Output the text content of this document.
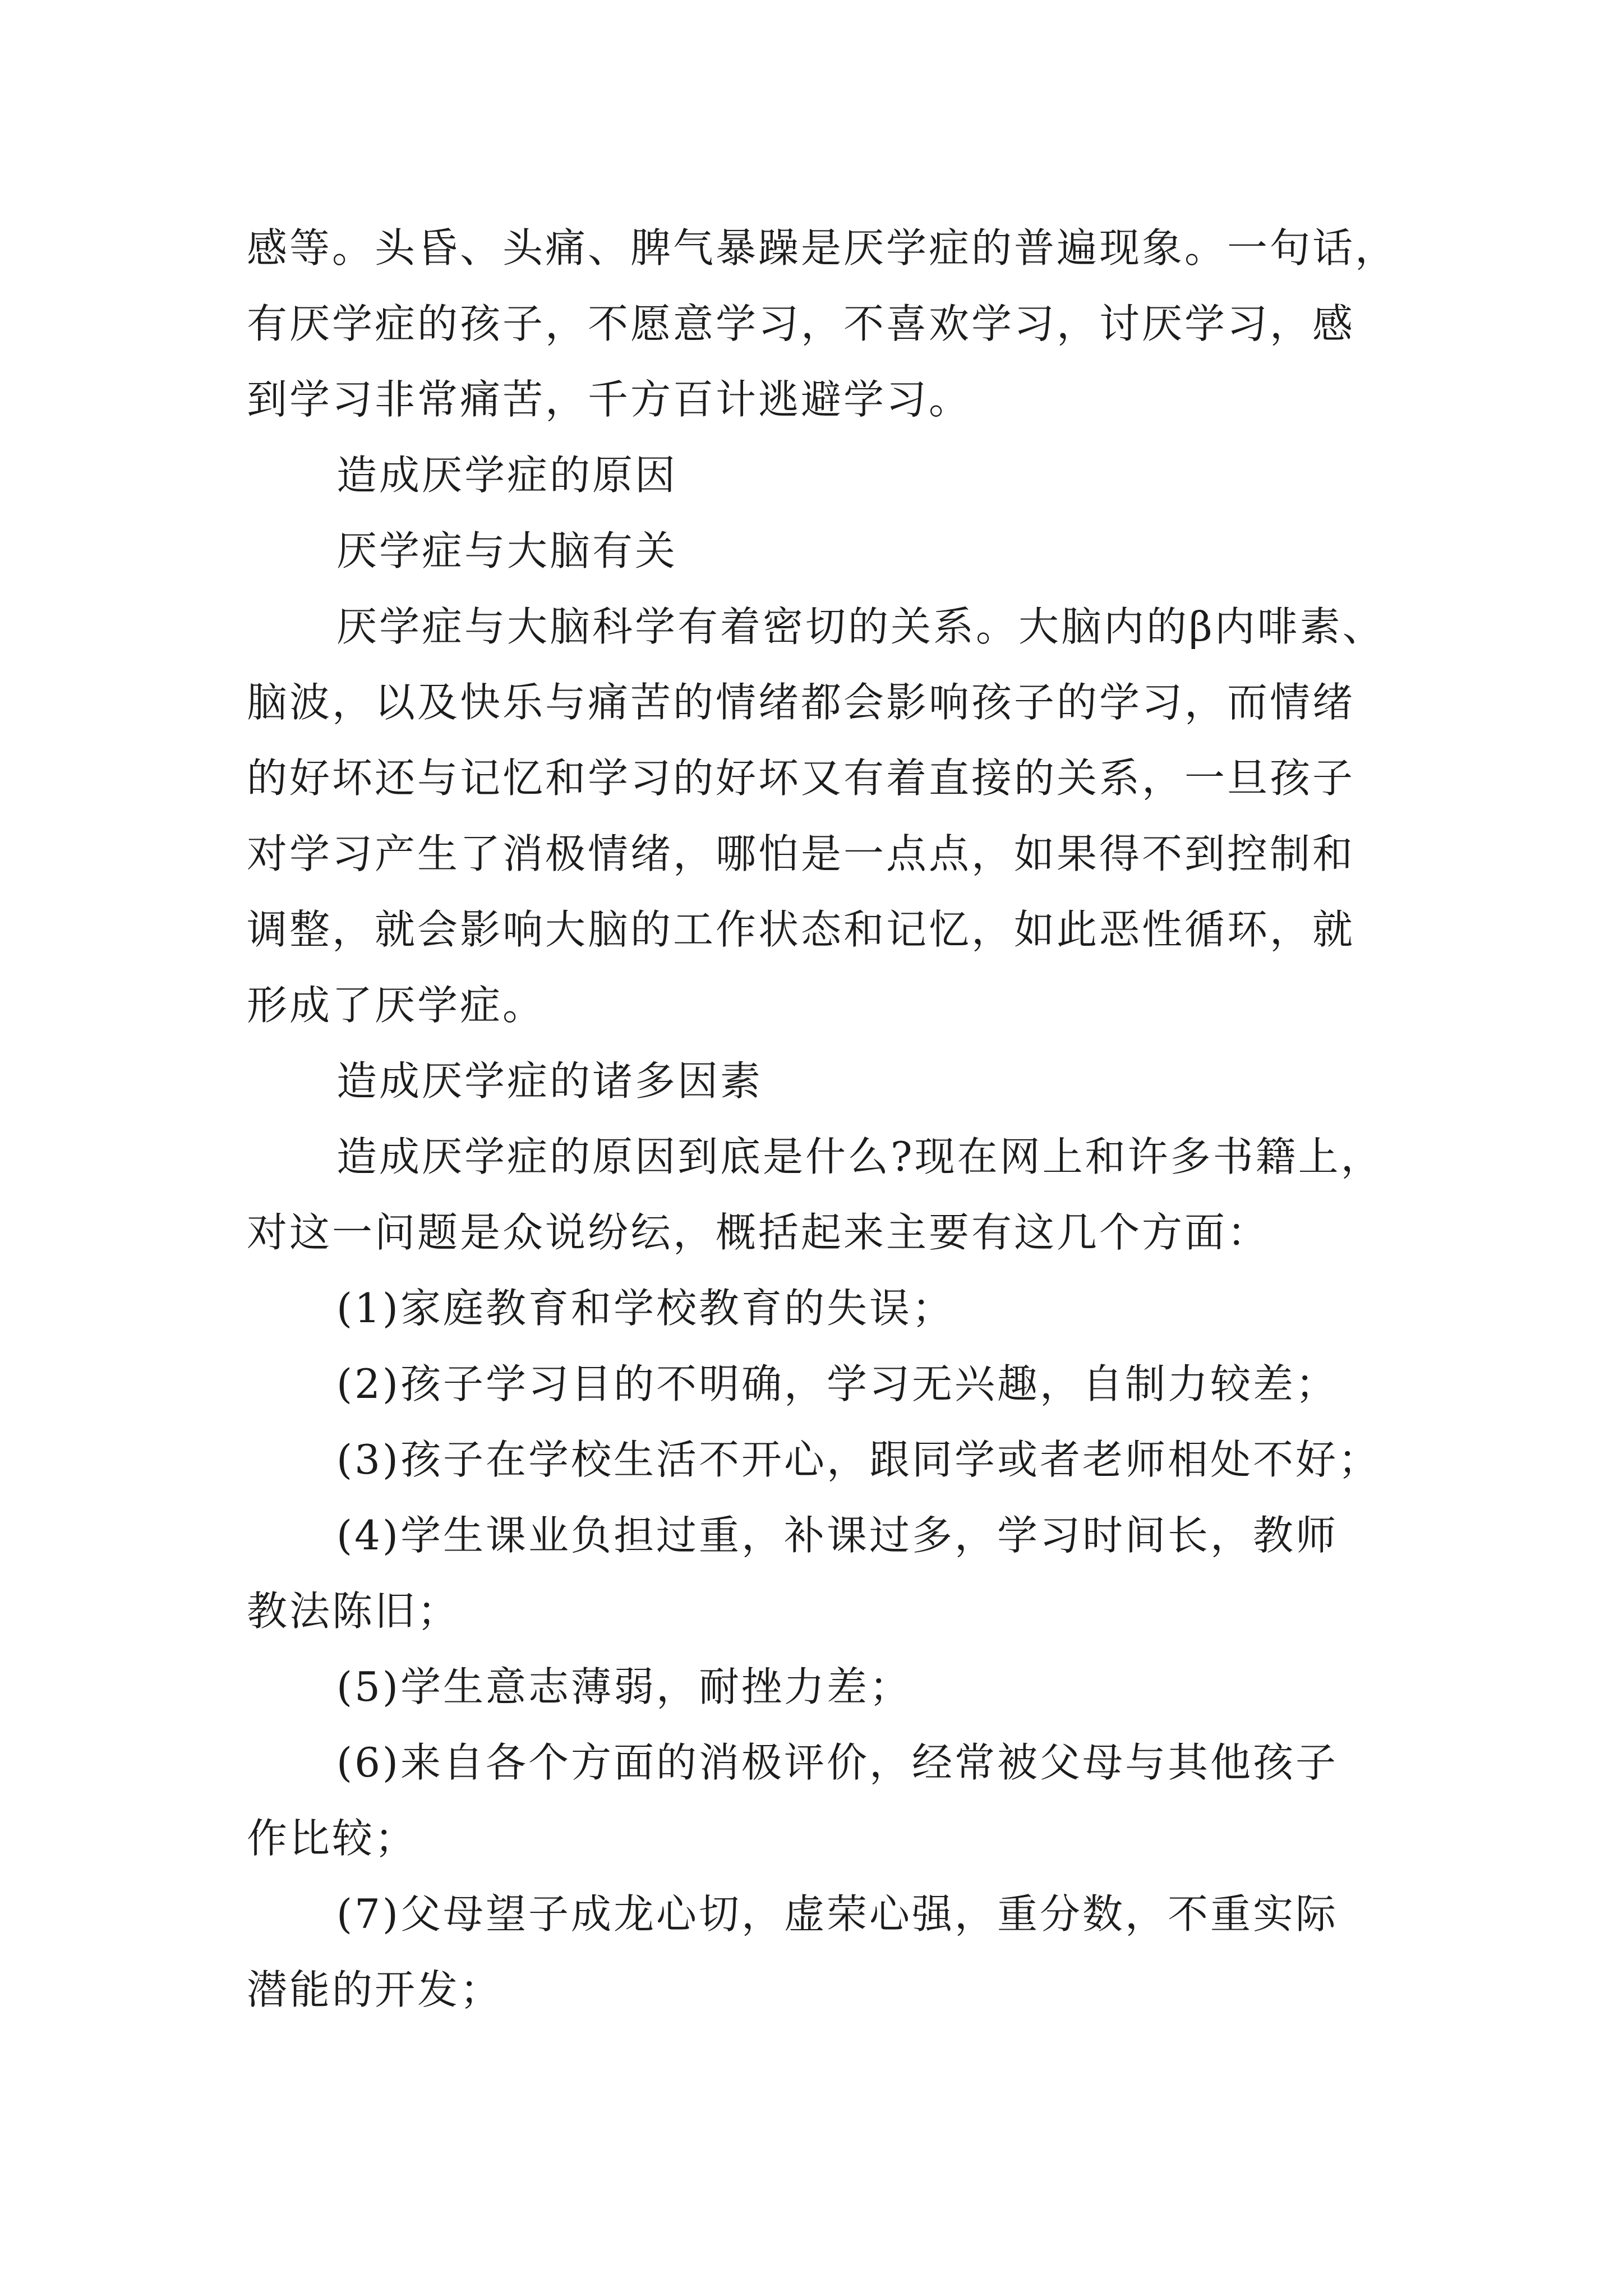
感等。头昏、头痛、脾气暴躁是厌学症的普遍现象。一句话，

有厌学症的孩子，不愿意学习，不喜欢学习，讨厌学习，感

到学习非常痛苦，千方百计逃避学习。

造成厌学症的原因

厌学症与大脑有关

厌学症与大脑科学有着密切的关系。大脑内的β内啡素、

脑波，以及快乐与痛苦的情绪都会影响孩子的学习，而情绪

的好坏还与记忆和学习的好坏又有着直接的关系，一旦孩子

对学习产生了消极情绪，哪怕是一点点，如果得不到控制和

调整，就会影响大脑的工作状态和记忆，如此恶性循环，就

形成了厌学症。

造成厌学症的诸多因素

造成厌学症的原因到底是什么?现在网上和许多书籍上，

对这一问题是众说纷纭，概括起来主要有这几个方面：

(1)家庭教育和学校教育的失误；

(2)孩子学习目的不明确，学习无兴趣，自制力较差；

(3)孩子在学校生活不开心，跟同学或者老师相处不好；

(4)学生课业负担过重，补课过多，学习时间长，教师

教法陈旧；

(5)学生意志薄弱，耐挫力差；

(6)来自各个方面的消极评价，经常被父母与其他孩子

作比较；

(7)父母望子成龙心切，虚荣心强，重分数，不重实际

潜能的开发；
